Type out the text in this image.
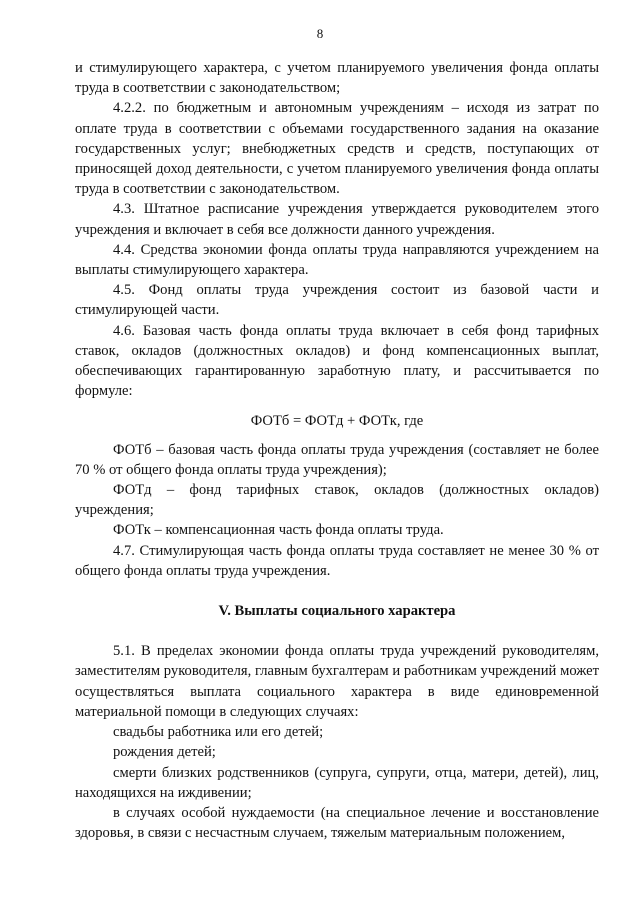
8

и стимулирующего характера, с учетом планируемого увеличения фонда оплаты труда в соответствии с законодательством;

4.2.2. по бюджетным и автономным учреждениям – исходя из затрат по оплате труда в соответствии с объемами государственного задания на оказание государственных услуг; внебюджетных средств и средств, поступающих от приносящей доход деятельности, с учетом планируемого увеличения фонда оплаты труда в соответствии с законодательством.

4.3. Штатное расписание учреждения утверждается руководителем этого учреждения и включает в себя все должности данного учреждения.

4.4. Средства экономии фонда оплаты труда направляются учреждением на выплаты стимулирующего характера.

4.5. Фонд оплаты труда учреждения состоит из базовой части и стимулирующей части.

4.6. Базовая часть фонда оплаты труда включает в себя фонд тарифных ставок, окладов (должностных окладов) и фонд компенсационных выплат, обеспечивающих гарантированную заработную плату, и рассчитывается по формуле:

ФОТб = ФОТд + ФОТк, где

ФОТб – базовая часть фонда оплаты труда учреждения (составляет не более 70 % от общего фонда оплаты труда учреждения);

ФОТд – фонд тарифных ставок, окладов (должностных окладов) учреждения;

ФОТк – компенсационная часть фонда оплаты труда.

4.7. Стимулирующая часть фонда оплаты труда составляет не менее 30 % от общего фонда оплаты труда учреждения.

V. Выплаты социального характера

5.1. В пределах экономии фонда оплаты труда учреждений руководителям, заместителям руководителя, главным бухгалтерам и работникам учреждений может осуществляться выплата социального характера в виде единовременной материальной помощи в следующих случаях:

свадьбы работника или его детей;

рождения детей;

смерти близких родственников (супруга, супруги, отца, матери, детей), лиц, находящихся на иждивении;

в случаях особой нуждаемости (на специальное лечение и восстановление здоровья, в связи с несчастным случаем, тяжелым материальным положением,
